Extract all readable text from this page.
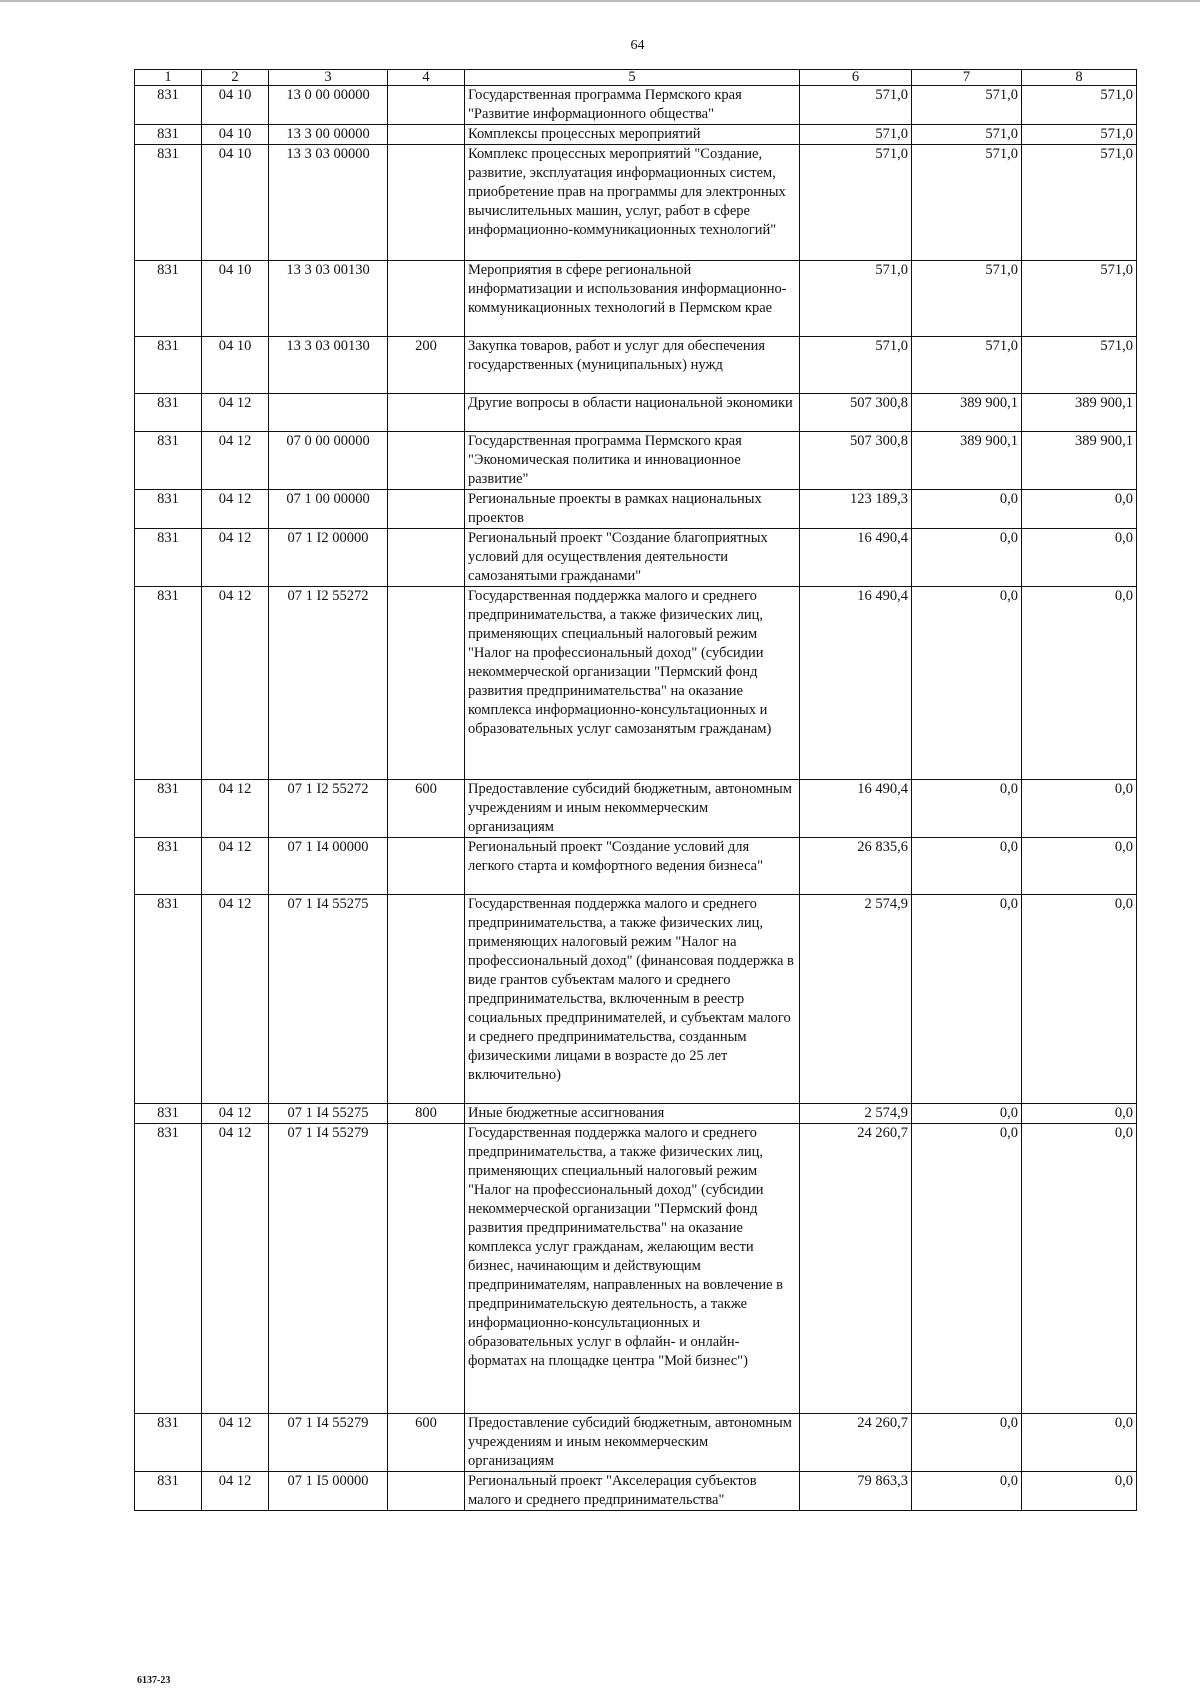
64
1	2	3	4	5	6	7	8
831	04 10	13 0 00 00000		Государственная программа Пермского края "Развитие информационного общества"	571,0	571,0	571,0
831	04 10	13 3 00 00000		Комплексы процессных мероприятий	571,0	571,0	571,0
831	04 10	13 3 03 00000		Комплекс процессных мероприятий "Создание, развитие, эксплуатация информационных систем, приобретение прав на программы для электронных вычислительных машин, услуг, работ в сфере информационно-коммуникационных технологий"	571,0	571,0	571,0
831	04 10	13 3 03 00130		Мероприятия в сфере региональной информатизации и использования информационно-коммуникационных технологий в Пермском крае	571,0	571,0	571,0
831	04 10	13 3 03 00130	200	Закупка товаров, работ и услуг для обеспечения государственных (муниципальных) нужд	571,0	571,0	571,0
831	04 12			Другие вопросы в области национальной экономики	507 300,8	389 900,1	389 900,1
831	04 12	07 0 00 00000		Государственная программа Пермского края "Экономическая политика и инновационное развитие"	507 300,8	389 900,1	389 900,1
831	04 12	07 1 00 00000		Региональные проекты в рамках национальных проектов	123 189,3	0,0	0,0
831	04 12	07 1 I2 00000		Региональный проект "Создание благоприятных условий для осуществления деятельности самозанятыми гражданами"	16 490,4	0,0	0,0
831	04 12	07 1 I2 55272		Государственная поддержка малого и среднего предпринимательства, а также физических лиц, применяющих специальный налоговый режим "Налог на профессиональный доход" (субсидии некоммерческой организации "Пермский фонд развития предпринимательства" на оказание комплекса информационно-консультационных и образовательных услуг самозанятым гражданам)	16 490,4	0,0	0,0
831	04 12	07 1 I2 55272	600	Предоставление субсидий бюджетным, автономным учреждениям и иным некоммерческим организациям	16 490,4	0,0	0,0
831	04 12	07 1 I4 00000		Региональный проект "Создание условий для легкого старта и комфортного ведения бизнеса"	26 835,6	0,0	0,0
831	04 12	07 1 I4 55275		Государственная поддержка малого и среднего предпринимательства, а также физических лиц, применяющих налоговый режим "Налог на профессиональный доход" (финансовая поддержка в виде грантов субъектам малого и среднего предпринимательства, включенным в реестр социальных предпринимателей, и субъектам малого и среднего предпринимательства, созданным физическими лицами в возрасте до 25 лет включительно)	2 574,9	0,0	0,0
831	04 12	07 1 I4 55275	800	Иные бюджетные ассигнования	2 574,9	0,0	0,0
831	04 12	07 1 I4 55279		Государственная поддержка малого и среднего предпринимательства, а также физических лиц, применяющих специальный налоговый режим "Налог на профессиональный доход" (субсидии некоммерческой организации "Пермский фонд развития предпринимательства" на оказание комплекса услуг гражданам, желающим вести бизнес, начинающим и действующим предпринимателям, направленных на вовлечение в предпринимательскую деятельность, а также информационно-консультационных и образовательных услуг в офлайн- и онлайн-форматах на площадке центра "Мой бизнес")	24 260,7	0,0	0,0
831	04 12	07 1 I4 55279	600	Предоставление субсидий бюджетным, автономным учреждениям и иным некоммерческим организациям	24 260,7	0,0	0,0
831	04 12	07 1 I5 00000		Региональный проект "Акселерация субъектов малого и среднего предпринимательства"	79 863,3	0,0	0,0
6137-23
